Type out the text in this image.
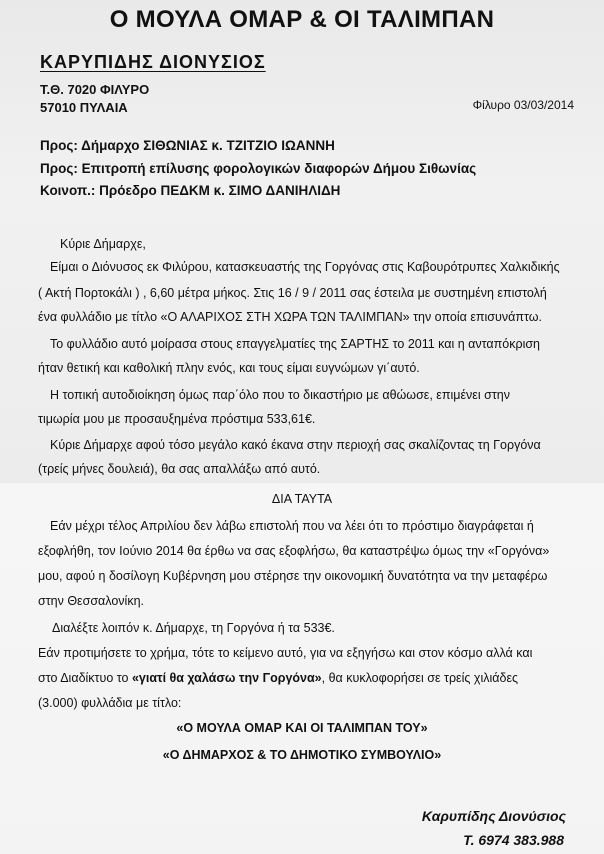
Ο ΜΟΥΛΑ ΟΜΑΡ & ΟΙ ΤΑΛΙΜΠΑΝ
ΚΑΡΥΠΙΔΗΣ ΔΙΟΝΥΣΙΟΣ
Τ.Θ. 7020 ΦΙΛΥΡΟ
57010 ΠΥΛΑΙΑ	Φίλυρο 03/03/2014
Προς: Δήμαρχο ΣΙΘΩΝΙΑΣ κ. ΤΖΙΤΖΙΟ ΙΩΑΝΝΗ
Προς: Επιτροπή επίλυσης φορολογικών διαφορών Δήμου Σιθωνίας
Κοινοπ.: Πρόεδρο ΠΕΔΚΜ κ. ΣΙΜΟ ΔΑΝΙΗΛΙΔΗ
Κύριε Δήμαρχε,
Είμαι ο Διόνυσος εκ Φιλύρου, κατασκευαστής της Γοργόνας στις Καβουρότρυπες Χαλκιδικής
( Ακτή Πορτοκάλι ) , 6,60 μέτρα μήκος. Στις 16 / 9 / 2011 σας έστειλα με συστημένη επιστολή
ένα φυλλάδιο με τίτλο «Ο ΑΛΑΡΙΧΟΣ ΣΤΗ ΧΩΡΑ ΤΩΝ ΤΑΛΙΜΠΑΝ» την οποία επισυνάπτω.
Το φυλλάδιο αυτό μοίρασα στους επαγγελματίες της ΣΑΡΤΗΣ το 2011 και η ανταπόκριση
ήταν θετική και καθολική πλην ενός, και τους είμαι ευγνώμων γι΄αυτό.
Η τοπική αυτοδιοίκηση όμως παρ΄όλο που το δικαστήριο με αθώωσε, επιμένει στην
τιμωρία μου με προσαυξημένα πρόστιμα 533,61€.
Κύριε Δήμαρχε αφού τόσο μεγάλο κακό έκανα στην περιοχή σας σκαλίζοντας τη Γοργόνα
(τρείς μήνες δουλειά), θα σας απαλλάξω από αυτό.
ΔΙΑ ΤΑΥΤΑ
Εάν μέχρι τέλος Απριλίου δεν λάβω επιστολή που να λέει ότι το πρόστιμο διαγράφεται ή
εξοφλήθη, τον Ιούνιο 2014 θα έρθω να σας εξοφλήσω, θα καταστρέψω όμως την «Γοργόνα»
μου, αφού η δοσίλογη Κυβέρνηση μου στέρησε την οικονομική δυνατότητα να την μεταφέρω
στην Θεσσαλονίκη.
Διαλέξτε λοιπόν κ. Δήμαρχε, τη Γοργόνα ή τα 533€.
Εάν προτιμήσετε το χρήμα, τότε το κείμενο αυτό, για να εξηγήσω και στον κόσμο αλλά και
στο Διαδίκτυο το «γιατί θα χαλάσω την Γοργόνα», θα κυκλοφορήσει σε τρείς χιλιάδες
(3.000) φυλλάδια με τίτλο:
«Ο ΜΟΥΛΑ ΟΜΑΡ ΚΑΙ ΟΙ ΤΑΛΙΜΠΑΝ ΤΟΥ»
«Ο ΔΗΜΑΡΧΟΣ & ΤΟ ΔΗΜΟΤΙΚΟ ΣΥΜΒΟΥΛΙΟ»
Καρυπίδης Διονύσιος
Τ. 6974 383.988
